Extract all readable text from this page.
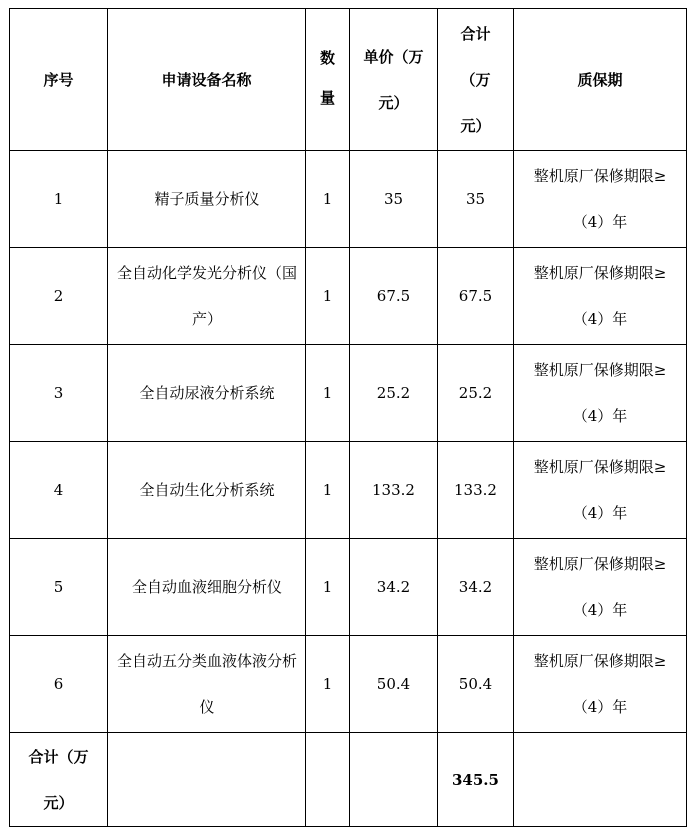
序号	申请设备名称	数量	单价（万元）	合计（万元）	质保期
1	精子质量分析仪	1	35	35	整机原厂保修期限≥（4）年
2	全自动化学发光分析仪（国产）	1	67.5	67.5	整机原厂保修期限≥（4）年
3	全自动尿液分析系统	1	25.2	25.2	整机原厂保修期限≥（4）年
4	全自动生化分析系统	1	133.2	133.2	整机原厂保修期限≥（4）年
5	全自动血液细胞分析仪	1	34.2	34.2	整机原厂保修期限≥（4）年
6	全自动五分类血液体液分析仪	1	50.4	50.4	整机原厂保修期限≥（4）年
合计（万元）				345.5	
